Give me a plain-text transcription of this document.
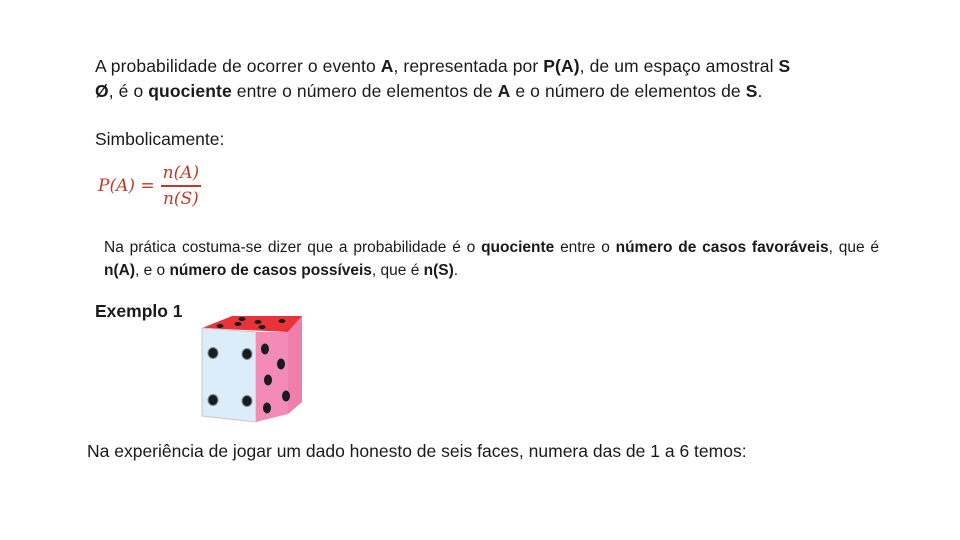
A probabilidade de ocorrer o evento A, representada por P(A), de um espaço amostral S
Ø, é o quociente entre o número de elementos de A e o número de elementos de S.
Simbolicamente:
$P(A) = \frac{n(A)}{n(S)}$
Na prática costuma-se dizer que a probabilidade é o quociente entre o número de casos favoráveis, que é n(A), e o número de casos possíveis, que é n(S).
Exemplo 1
Na experiência de jogar um dado honesto de seis faces, numera das de 1 a 6 temos:
